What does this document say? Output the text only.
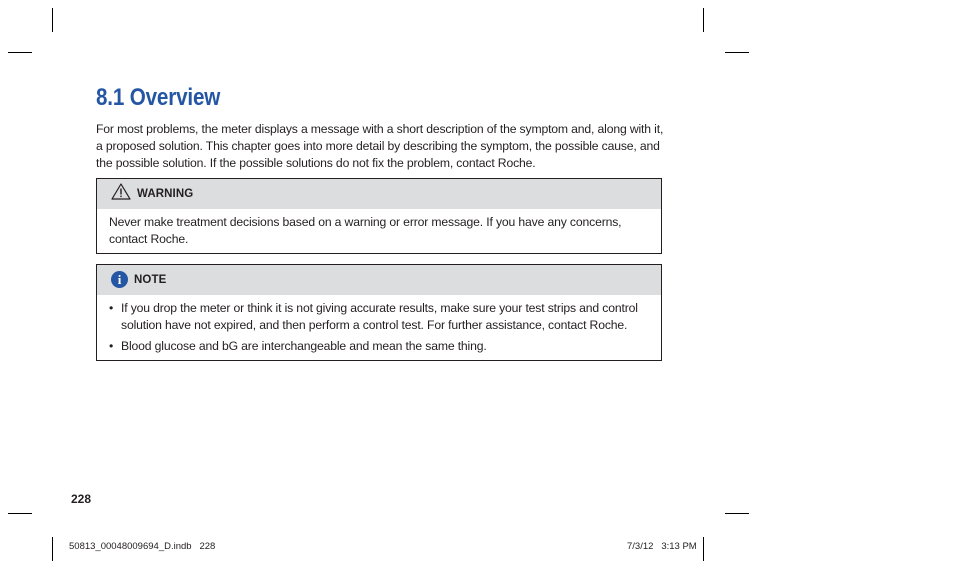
8.1 Overview

For most problems, the meter displays a message with a short description of the symptom and, along with it, a proposed solution. This chapter goes into more detail by describing the symptom, the possible cause, and the possible solution. If the possible solutions do not fix the problem, contact Roche.

WARNING
Never make treatment decisions based on a warning or error message. If you have any concerns, contact Roche.
i	NOTE
• If you drop the meter or think it is not giving accurate results, make sure your test strips and control solution have not expired, and then perform a control test. For further assistance, contact Roche.
• Blood glucose and bG are interchangeable and mean the same thing.
228
50813_00048009694_D.indb   228	7/3/12   3:13 PM
